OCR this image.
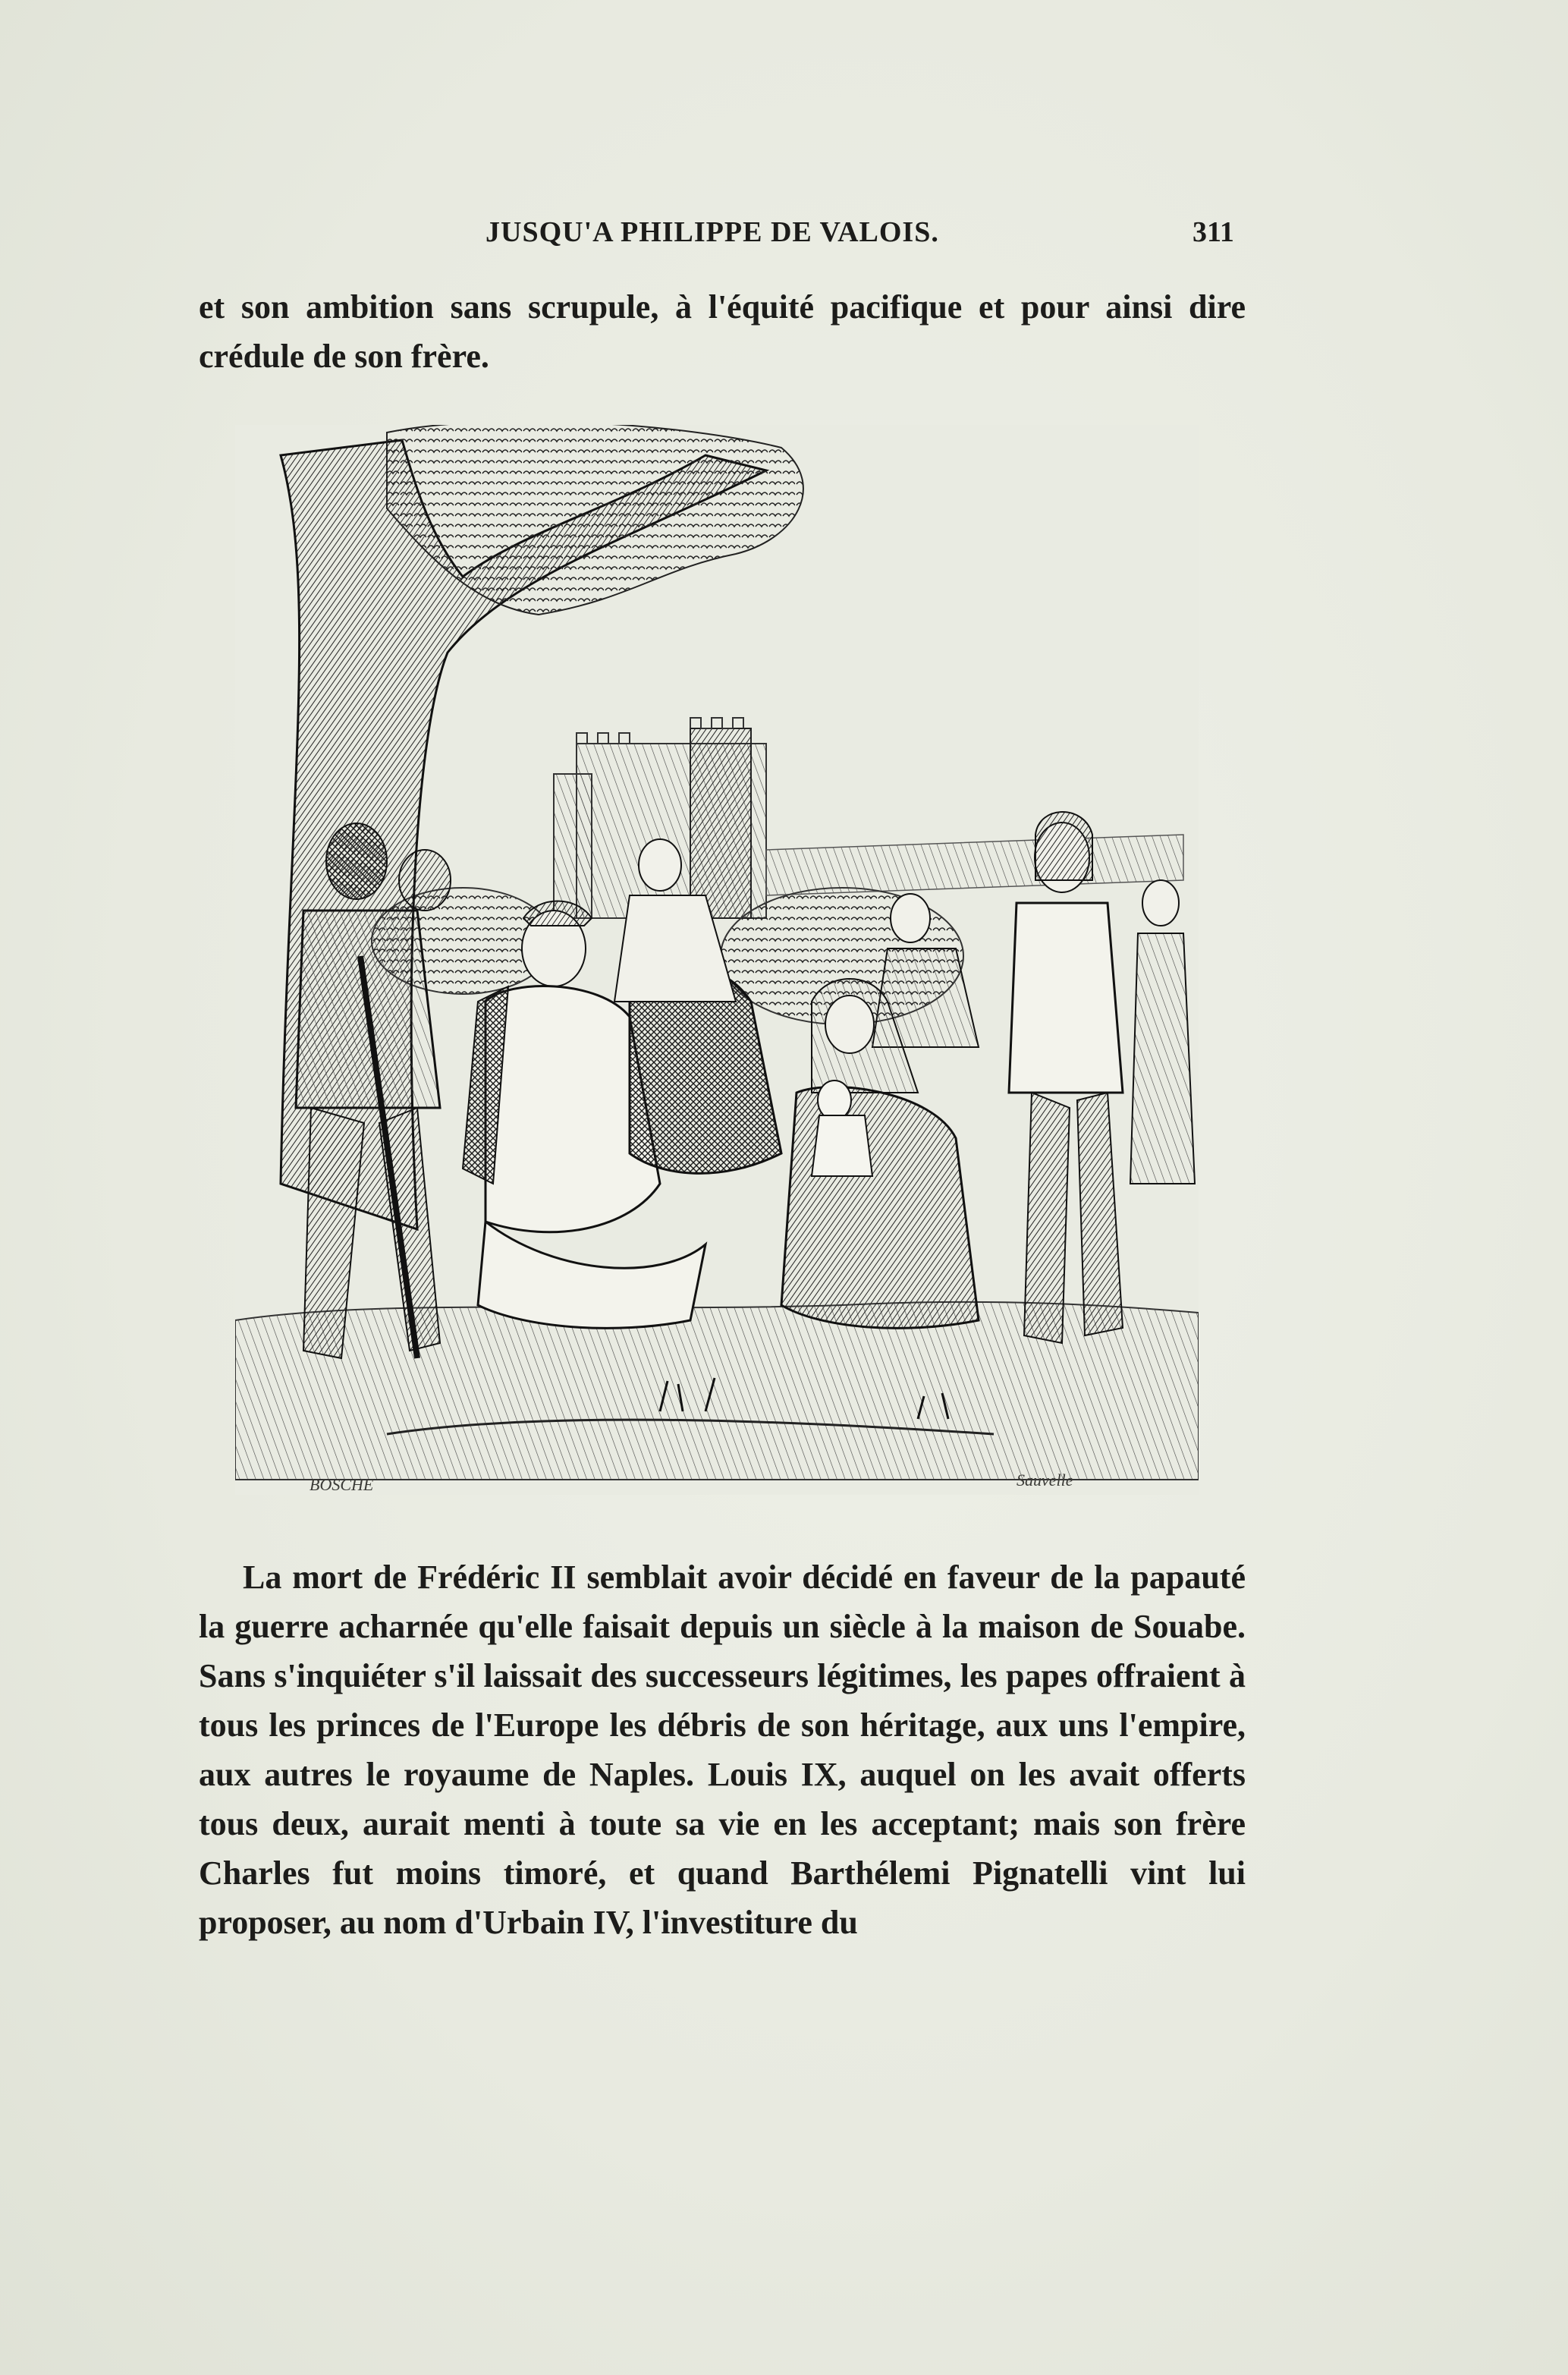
JUSQU'A PHILIPPE DE VALOIS.	311

et son ambition sans scrupule, à l'équité pacifique et pour ainsi dire crédule de son frère.

BOSCHE	Sauvelle

La mort de Frédéric II semblait avoir décidé en faveur de la papauté la guerre acharnée qu'elle faisait depuis un siècle à la maison de Souabe. Sans s'inquiéter s'il laissait des successeurs légitimes, les papes offraient à tous les princes de l'Europe les débris de son héritage, aux uns l'empire, aux autres le royaume de Naples. Louis IX, auquel on les avait offerts tous deux, aurait menti à toute sa vie en les acceptant; mais son frère Charles fut moins timoré, et quand Barthélemi Pignatelli vint lui proposer, au nom d'Urbain IV, l'investiture du
